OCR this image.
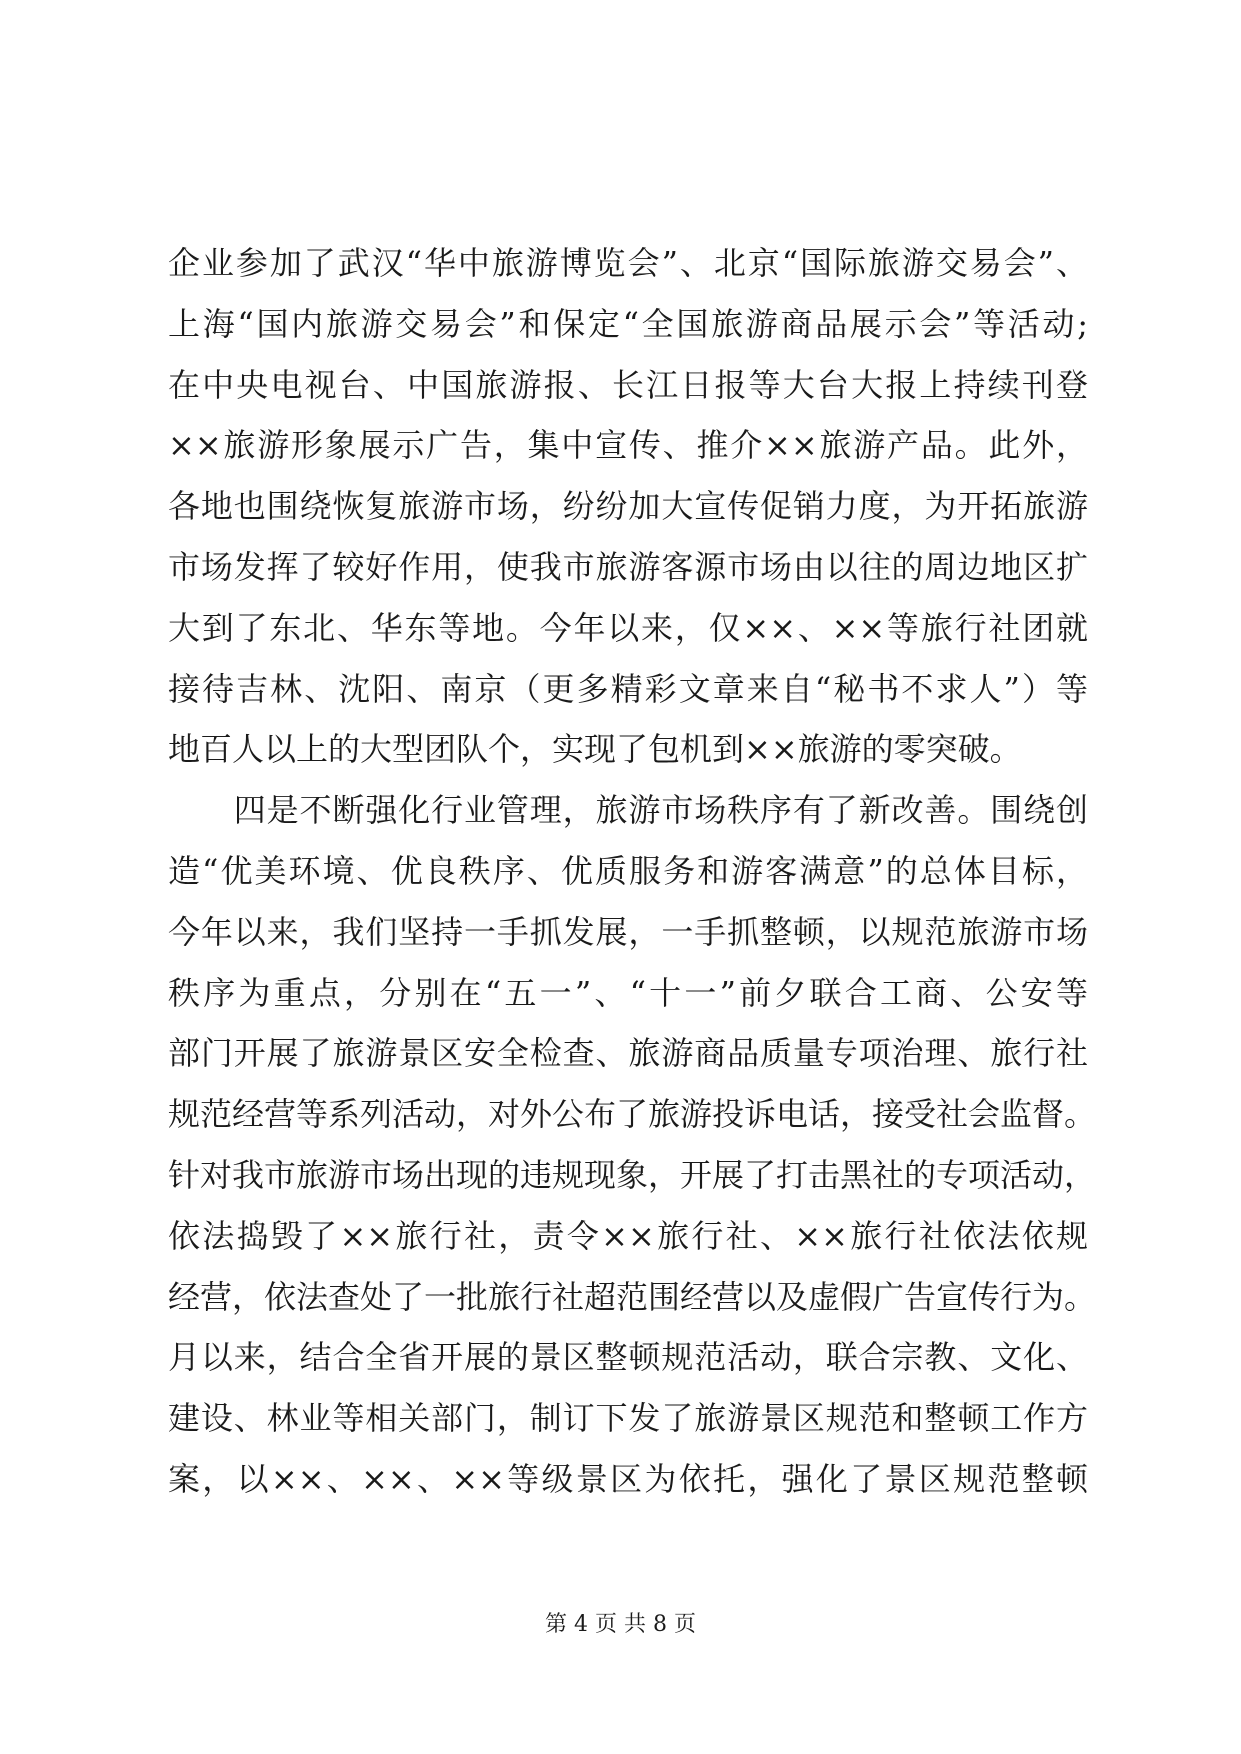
企业参加了武汉“华中旅游博览会”、北京“国际旅游交易会”、
上海“国内旅游交易会”和保定“全国旅游商品展示会”等活动;
在中央电视台、中国旅游报、长江日报等大台大报上持续刊登
××旅游形象展示广告，集中宣传、推介××旅游产品。此外，
各地也围绕恢复旅游市场，纷纷加大宣传促销力度，为开拓旅游
市场发挥了较好作用，使我市旅游客源市场由以往的周边地区扩
大到了东北、华东等地。今年以来，仅××、××等旅行社团就
接待吉林、沈阳、南京（更多精彩文章来自“秘书不求人”）等
地百人以上的大型团队个，实现了包机到××旅游的零突破。
　　四是不断强化行业管理，旅游市场秩序有了新改善。围绕创
造“优美环境、优良秩序、优质服务和游客满意”的总体目标，
今年以来，我们坚持一手抓发展，一手抓整顿，以规范旅游市场
秩序为重点，分别在“五一”、“十一”前夕联合工商、公安等
部门开展了旅游景区安全检查、旅游商品质量专项治理、旅行社
规范经营等系列活动，对外公布了旅游投诉电话，接受社会监督。
针对我市旅游市场出现的违规现象，开展了打击黑社的专项活动，
依法捣毁了××旅行社，责令××旅行社、××旅行社依法依规
经营，依法查处了一批旅行社超范围经营以及虚假广告宣传行为。
月以来，结合全省开展的景区整顿规范活动，联合宗教、文化、
建设、林业等相关部门，制订下发了旅游景区规范和整顿工作方
案，以××、××、××等级景区为依托，强化了景区规范整顿
第 4 页 共 8 页
